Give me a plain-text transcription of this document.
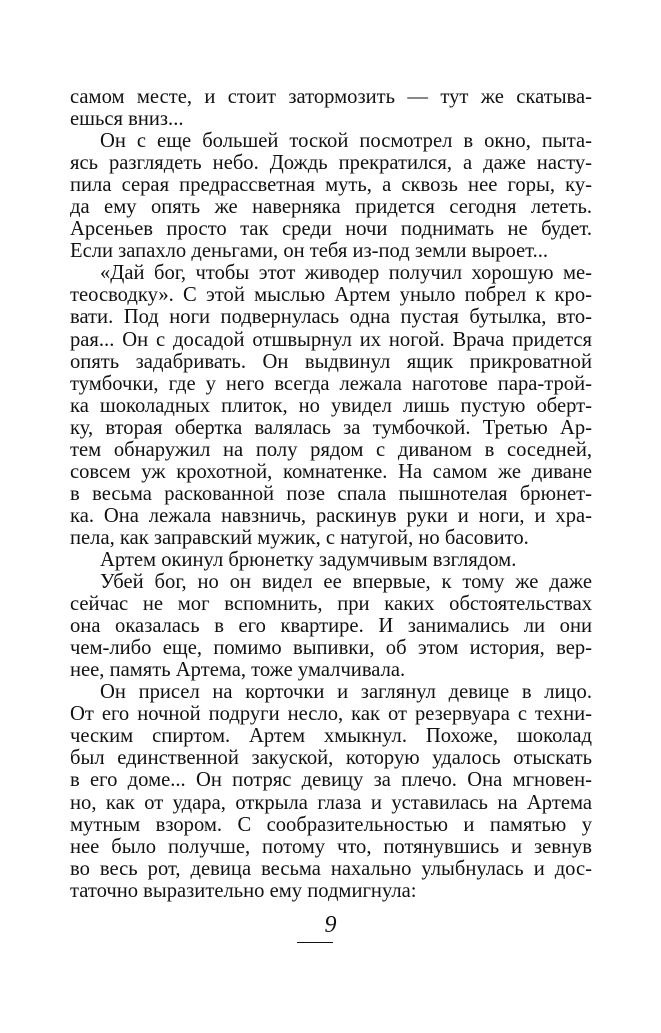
самом месте, и стоит затормозить — тут же скатыва-
ешься вниз...
Он с еще большей тоской посмотрел в окно, пыта-
ясь разглядеть небо. Дождь прекратился, а даже насту-
пила серая предрассветная муть, а сквозь нее горы, ку-
да ему опять же наверняка придется сегодня лететь.
Арсеньев просто так среди ночи поднимать не будет.
Если запахло деньгами, он тебя из-под земли выроет...
«Дай бог, чтобы этот живодер получил хорошую ме-
теосводку». С этой мыслью Артем уныло побрел к кро-
вати. Под ноги подвернулась одна пустая бутылка, вто-
рая... Он с досадой отшвырнул их ногой. Врача придется
опять задабривать. Он выдвинул ящик прикроватной
тумбочки, где у него всегда лежала наготове пара-трой-
ка шоколадных плиток, но увидел лишь пустую оберт-
ку, вторая обертка валялась за тумбочкой. Третью Ар-
тем обнаружил на полу рядом с диваном в соседней,
совсем уж крохотной, комнатенке. На самом же диване
в весьма раскованной позе спала пышнотелая брюнет-
ка. Она лежала навзничь, раскинув руки и ноги, и хра-
пела, как заправский мужик, с натугой, но басовито.
Артем окинул брюнетку задумчивым взглядом.
Убей бог, но он видел ее впервые, к тому же даже
сейчас не мог вспомнить, при каких обстоятельствах
она оказалась в его квартире. И занимались ли они
чем-либо еще, помимо выпивки, об этом история, вер-
нее, память Артема, тоже умалчивала.
Он присел на корточки и заглянул девице в лицо.
От его ночной подруги несло, как от резервуара с техни-
ческим спиртом. Артем хмыкнул. Похоже, шоколад
был единственной закуской, которую удалось отыскать
в его доме... Он потряс девицу за плечо. Она мгновен-
но, как от удара, открыла глаза и уставилась на Артема
мутным взором. С сообразительностью и памятью у
нее было получше, потому что, потянувшись и зевнув
во весь рот, девица весьма нахально улыбнулась и дос-
таточно выразительно ему подмигнула:
9
